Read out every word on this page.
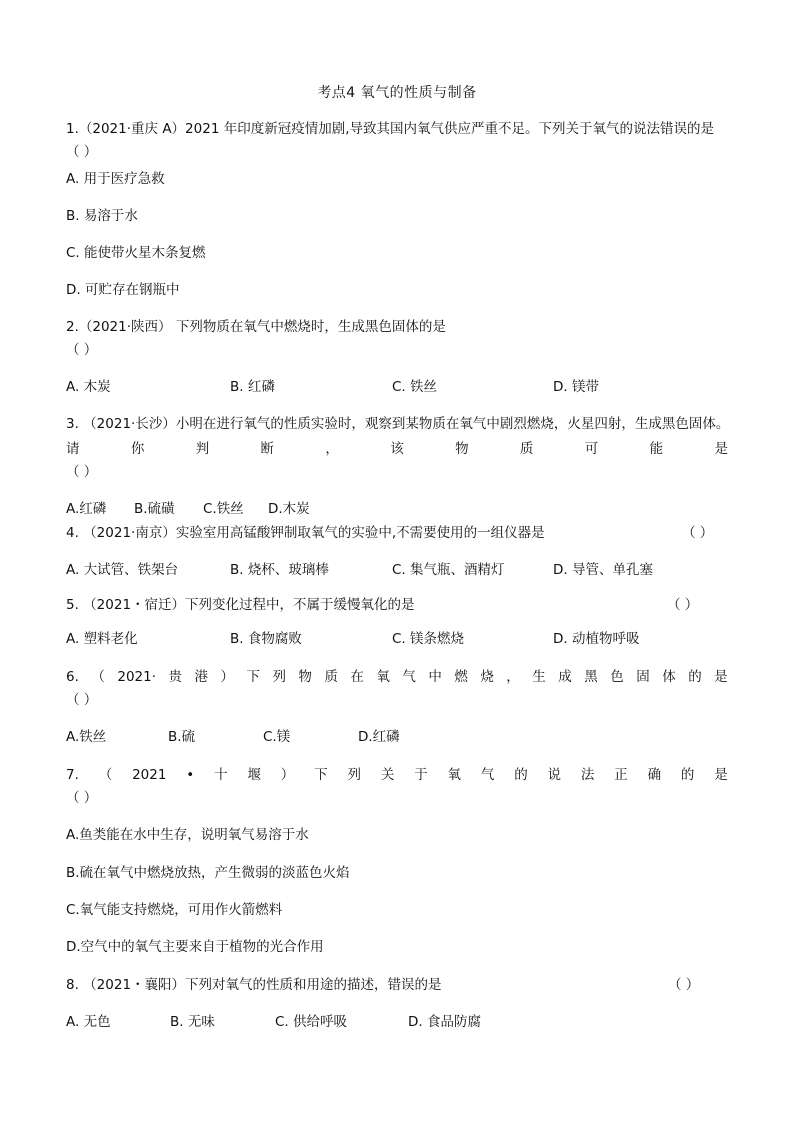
考点4 氧气的性质与制备
1.（2021·重庆 A）2021 年印度新冠疫情加剧,导致其国内氧气供应严重不足。下列关于氧气的说法错误的是
（ ）
A. 用于医疗急救
B. 易溶于水
C. 能使带火星木条复燃
D. 可贮存在钢瓶中
2.（2021·陕西） 下列物质在氧气中燃烧时，生成黑色固体的是
（ ）
A. 木炭	B. 红磷	C. 铁丝	D. 镁带
3. （2021·长沙）小明在进行氧气的性质实验时，观察到某物质在氧气中剧烈燃烧，火星四射，生成黑色固体。
请	你	判	断	，	该	物	质	可	能	是
（ ）
A.红磷 B.硫磺 C.铁丝 D.木炭
4. （2021·南京）实验室用高锰酸钾制取氧气的实验中,不需要使用的一组仪器是	（ ）
A. 大试管、铁架台	B. 烧杯、玻璃棒	C. 集气瓶、酒精灯	D. 导管、单孔塞
5. （2021・宿迁）下列变化过程中，不属于缓慢氧化的是	（ ）
A. 塑料老化	B. 食物腐败	C. 镁条燃烧	D. 动植物呼吸
6. （ 2021· 贵 港 ） 下 列 物 质 在 氧 气 中 燃 烧 ， 生 成 黑 色 固 体 的 是
（ ）
A.铁丝	B.硫	C.镁	D.红磷
7. （ 2021 • 十 堰 ） 下 列 关 于 氧 气 的 说 法 正 确 的 是
（ ）
A.鱼类能在水中生存，说明氧气易溶于水
B.硫在氧气中燃烧放热，产生微弱的淡蓝色火焰
C.氧气能支持燃烧，可用作火箭燃料
D.空气中的氧气主要来自于植物的光合作用
8. （2021・襄阳）下列对氧气的性质和用途的描述，错误的是	（ ）
A. 无色	B. 无味	C. 供给呼吸	D. 食品防腐
